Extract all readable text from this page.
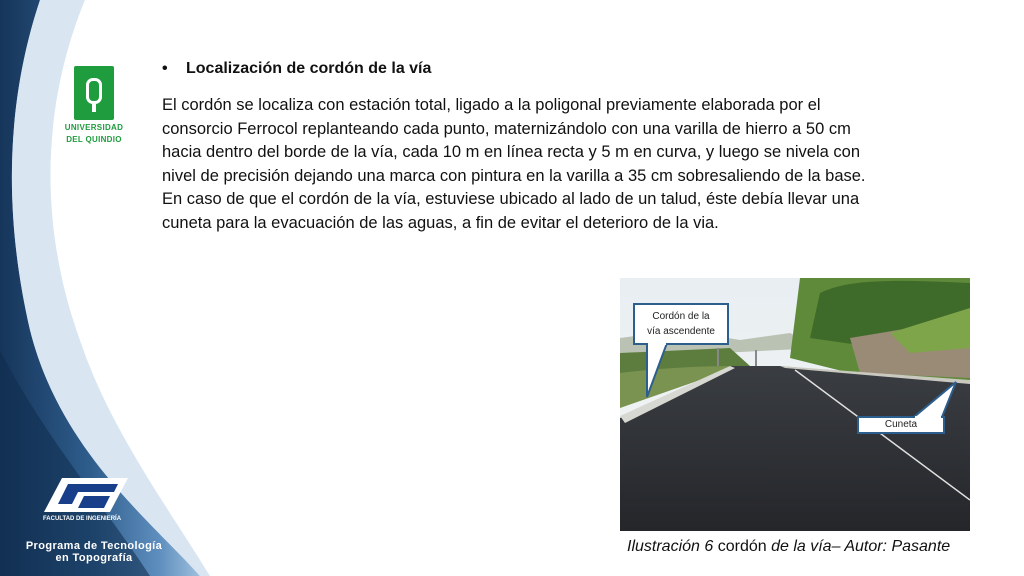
UNIVERSIDAD
DEL QUINDIO
FACULTAD DE INGENIERÍA
Programa de Tecnología
en Topografía
•	Localización de cordón de la vía

El cordón se localiza con estación total, ligado a la poligonal previamente elaborada por el consorcio Ferrocol replanteando cada punto, maternizándolo con una varilla de hierro a 50 cm hacia dentro del borde de la vía, cada 10 m en línea recta y 5 m en curva, y luego se nivela con nivel de precisión dejando una marca con pintura en la varilla a 35 cm sobresaliendo de la base.

En caso de que el cordón de la vía, estuviese ubicado al lado de un talud, éste debía llevar una cuneta para la evacuación de las aguas, a fin de evitar el deterioro de la via.

Cordón de la
vía ascendente
Cuneta
Ilustración 6 cordón de la vía– Autor: Pasante
